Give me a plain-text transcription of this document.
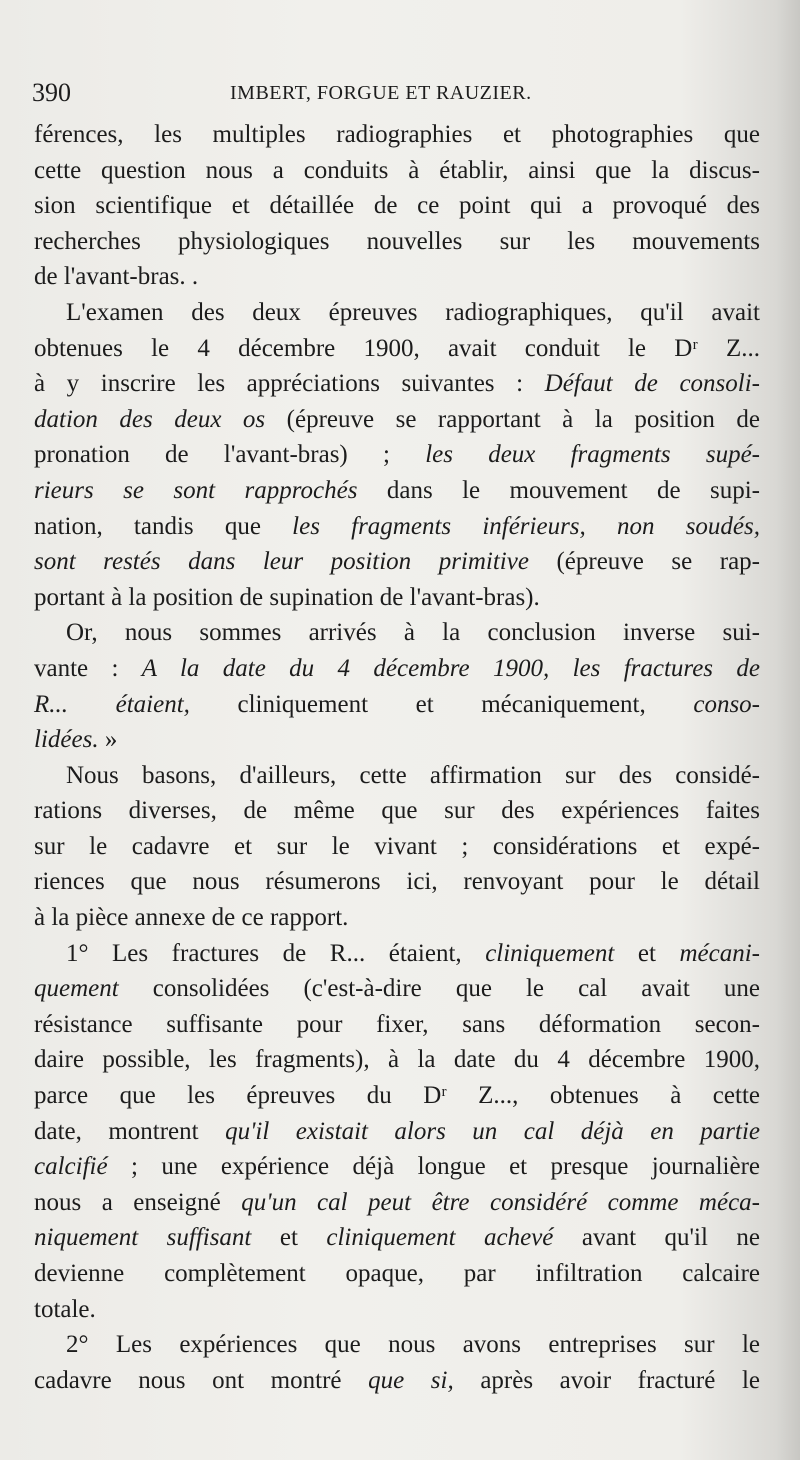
390	IMBERT, FORGUE ET RAUZIER.
férences, les multiples radiographies et photographies que
cette question nous a conduits à établir, ainsi que la discus-
sion scientifique et détaillée de ce point qui a provoqué des
recherches physiologiques nouvelles sur les mouvements
de l'avant-bras. .
L'examen des deux épreuves radiographiques, qu'il avait
obtenues le 4 décembre 1900, avait conduit le Dʳ Z...
à y inscrire les appréciations suivantes : Défaut de consoli-
dation des deux os (épreuve se rapportant à la position de
pronation de l'avant-bras) ; les deux fragments supé-
rieurs se sont rapprochés dans le mouvement de supi-
nation, tandis que les fragments inférieurs, non soudés,
sont restés dans leur position primitive (épreuve se rap-
portant à la position de supination de l'avant-bras).
Or, nous sommes arrivés à la conclusion inverse sui-
vante : A la date du 4 décembre 1900, les fractures de
R... étaient, cliniquement et mécaniquement, conso-
lidées. »
Nous basons, d'ailleurs, cette affirmation sur des considé-
rations diverses, de même que sur des expériences faites
sur le cadavre et sur le vivant ; considérations et expé-
riences que nous résumerons ici, renvoyant pour le détail
à la pièce annexe de ce rapport.
1° Les fractures de R... étaient, cliniquement et mécani-
quement consolidées (c'est-à-dire que le cal avait une
résistance suffisante pour fixer, sans déformation secon-
daire possible, les fragments), à la date du 4 décembre 1900,
parce que les épreuves du Dʳ Z..., obtenues à cette
date, montrent qu'il existait alors un cal déjà en partie
calcifié ; une expérience déjà longue et presque journalière
nous a enseigné qu'un cal peut être considéré comme méca-
niquement suffisant et cliniquement achevé avant qu'il ne
devienne complètement opaque, par infiltration calcaire
totale.
2° Les expériences que nous avons entreprises sur le
cadavre nous ont montré que si, après avoir fracturé le
